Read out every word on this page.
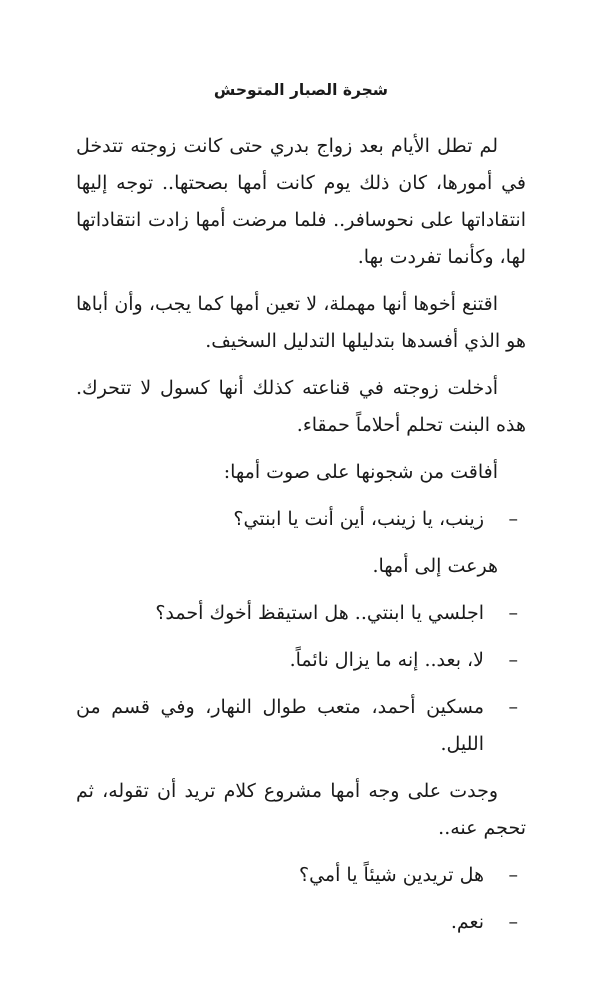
شجرة الصبار المتوحش

لم تطل الأيام بعد زواج بدري حتى كانت زوجته تتدخل في أمورها، كان ذلك يوم كانت أمها بصحتها.. توجه إليها انتقاداتها على نحوسافر.. فلما مرضت أمها زادت انتقاداتها لها، وكأنما تفردت بها.

اقتنع أخوها أنها مهملة، لا تعين أمها كما يجب، وأن أباها هو الذي أفسدها بتدليلها التدليل السخيف.

أدخلت زوجته في قناعته كذلك أنها كسول لا تتحرك. هذه البنت تحلم أحلاماً حمقاء.

أفاقت من شجونها على صوت أمها:

–
زينب، يا زينب، أين أنت يا ابنتي؟

هرعت إلى أمها.

–
اجلسي يا ابنتي.. هل استيقظ أخوك أحمد؟
–
لا، بعد.. إنه ما يزال نائماً.
–
مسكين أحمد، متعب طوال النهار، وفي قسم من الليل.

وجدت على وجه أمها مشروع كلام تريد أن تقوله، ثم تحجم عنه..

–
هل تريدين شيئاً يا أمي؟
–
نعم.
